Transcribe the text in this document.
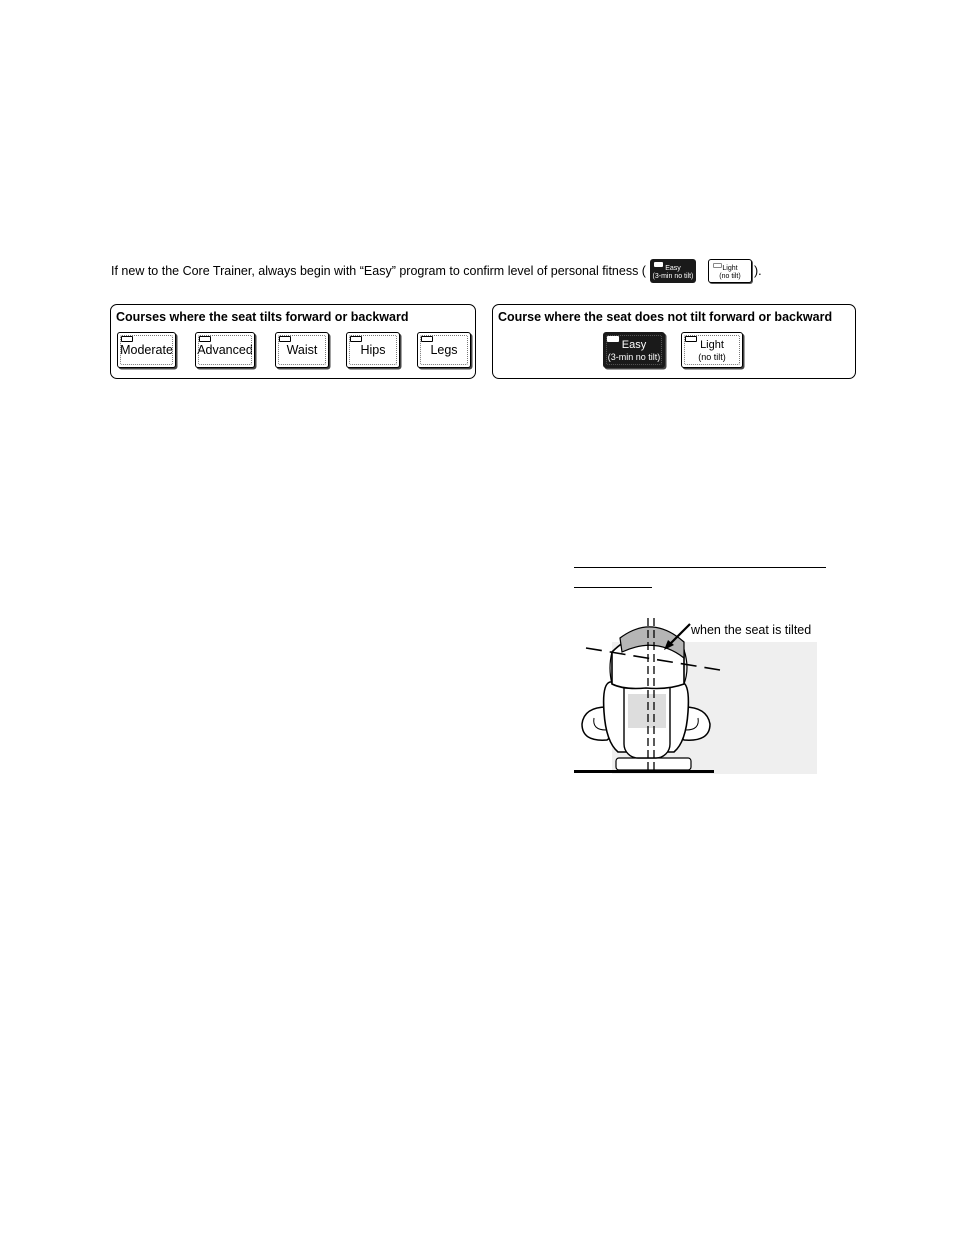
If new to the Core Trainer, always begin with “Easy” program to confirm level of personal fitness (	Easy
(3-min no tilt)
Light
(no tilt)	).
Courses where the seat tilts forward or backward
Moderate Advanced	Waist	Hips	Legs
Course where the seat does not tilt forward or backward
Easy
(3-min no tilt)
Light
(no tilt)
when the seat is tilted
